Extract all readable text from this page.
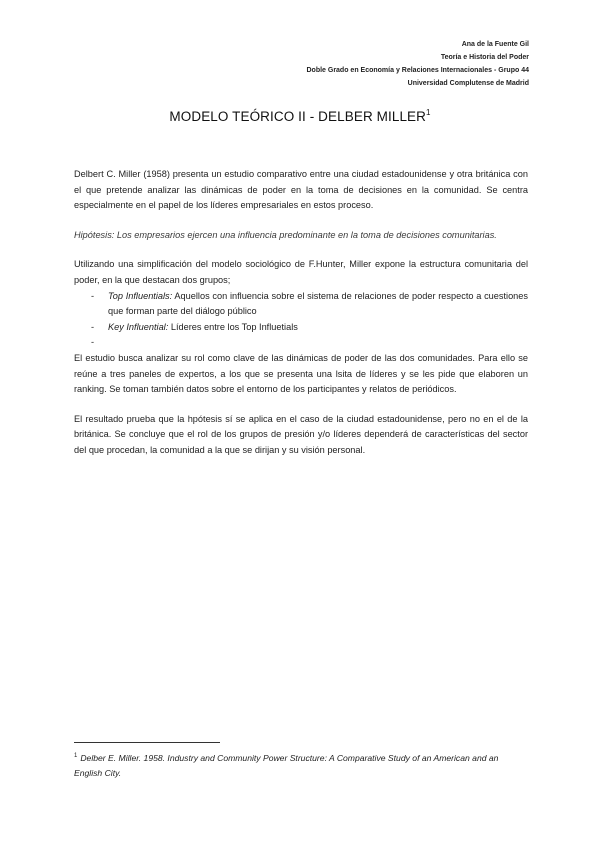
Ana de la Fuente Gil
Teoría e Historia del Poder
Doble Grado en Economía y Relaciones Internacionales - Grupo 44
Universidad Complutense de Madrid
MODELO TEÓRICO II - DELBER MILLER$^1$

Delbert C. Miller (1958) presenta un estudio comparativo entre una ciudad estadounidense y otra británica con el que pretende analizar las dinámicas de poder en la toma de decisiones en la comunidad. Se centra especialmente en el papel de los líderes empresariales en estos proceso.

Hipótesis: Los empresarios ejercen una influencia predominante en la toma de decisiones comunitarias.

Utilizando una simplificación del modelo sociológico de F.Hunter, Miller expone la estructura comunitaria del poder, en la que destacan dos grupos;

- Top Influentials: Aquellos con influencia sobre el sistema de relaciones de poder respecto a cuestiones que forman parte del diálogo público
- Key Influential: Líderes entre los Top Influetials
-

El estudio busca analizar su rol como clave de las dinámicas de poder de las dos comunidades. Para ello se reúne a tres paneles de expertos, a los que se presenta una lsita de líderes y se les pide que elaboren un ranking. Se toman también datos sobre el entorno de los participantes y relatos de periódicos.

El resultado prueba que la hpótesis sí se aplica en el caso de la ciudad estadounidense, pero no en el de la británica. Se concluye que el rol de los grupos de presión y/o líderes dependerá de características del sector del que procedan, la comunidad a la que se dirijan y su visión personal.

$^1$ Delber E. Miller. 1958. Industry and Community Power Structure: A Comparative Study of an American and an English City.
